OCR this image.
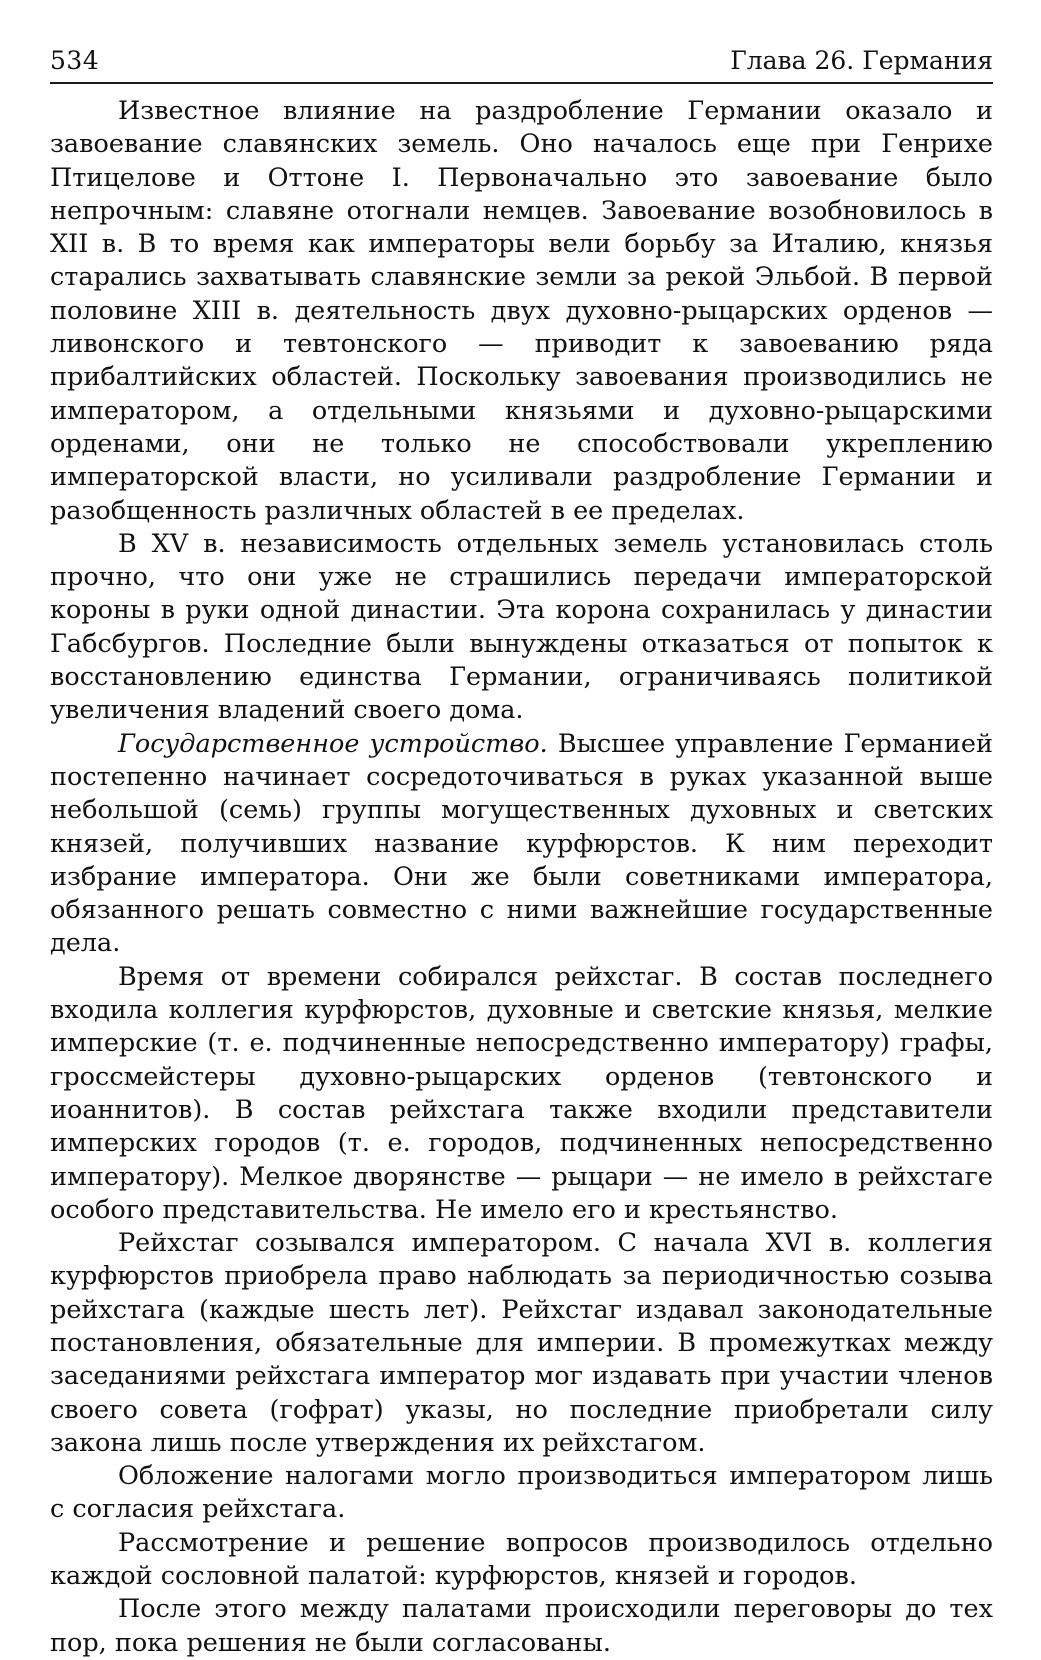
534	Глава 26. Германия

Известное влияние на раздробление Германии оказало и завоевание славянских земель. Оно началось еще при Генрихе Птицелове и Оттоне I. Первоначально это завоевание было непрочным: славяне отогнали немцев. Завоевание возобновилось в XII в. В то время как императоры вели борьбу за Италию, князья старались захватывать славянские земли за рекой Эльбой. В первой половине XIII в. деятельность двух духовно-рыцарских орденов — ливонского и тевтонского — приводит к завоеванию ряда прибалтийских областей. Поскольку завоевания производились не императором, а отдельными князьями и духовно-рыцарскими орденами, они не только не способствовали укреплению императорской власти, но усиливали раздробление Германии и разобщенность различных областей в ее пределах.

В XV в. независимость отдельных земель установилась столь прочно, что они уже не страшились передачи императорской короны в руки одной династии. Эта корона сохранилась у династии Габсбургов. Последние были вынуждены отказаться от попыток к восстановлению единства Германии, ограничиваясь политикой увеличения владений своего дома.

Государственное устройство. Высшее управление Германией постепенно начинает сосредоточиваться в руках указанной выше небольшой (семь) группы могущественных духовных и светских князей, получивших название курфюрстов. К ним переходит избрание императора. Они же были советниками императора, обязанного решать совместно с ними важнейшие государственные дела.

Время от времени собирался рейхстаг. В состав последнего входила коллегия курфюрстов, духовные и светские князья, мелкие имперские (т. е. подчиненные непосредственно императору) графы, гроссмейстеры духовно-рыцарских орденов (тевтонского и иоаннитов). В состав рейхстага также входили представители имперских городов (т. е. городов, подчиненных непосредственно императору). Мелкое дворянстве — рыцари — не имело в рейхстаге особого представительства. Не имело его и крестьянство.

Рейхстаг созывался императором. С начала XVI в. коллегия курфюрстов приобрела право наблюдать за периодичностью созыва рейхстага (каждые шесть лет). Рейхстаг издавал законодательные постановления, обязательные для империи. В промежутках между заседаниями рейхстага император мог издавать при участии членов своего совета (гофрат) указы, но последние приобретали силу закона лишь после утверждения их рейхстагом.

Обложение налогами могло производиться императором лишь с согласия рейхстага.

Рассмотрение и решение вопросов производилось отдельно каждой сословной палатой: курфюрстов, князей и городов.

После этого между палатами происходили переговоры до тех пор, пока решения не были согласованы.
